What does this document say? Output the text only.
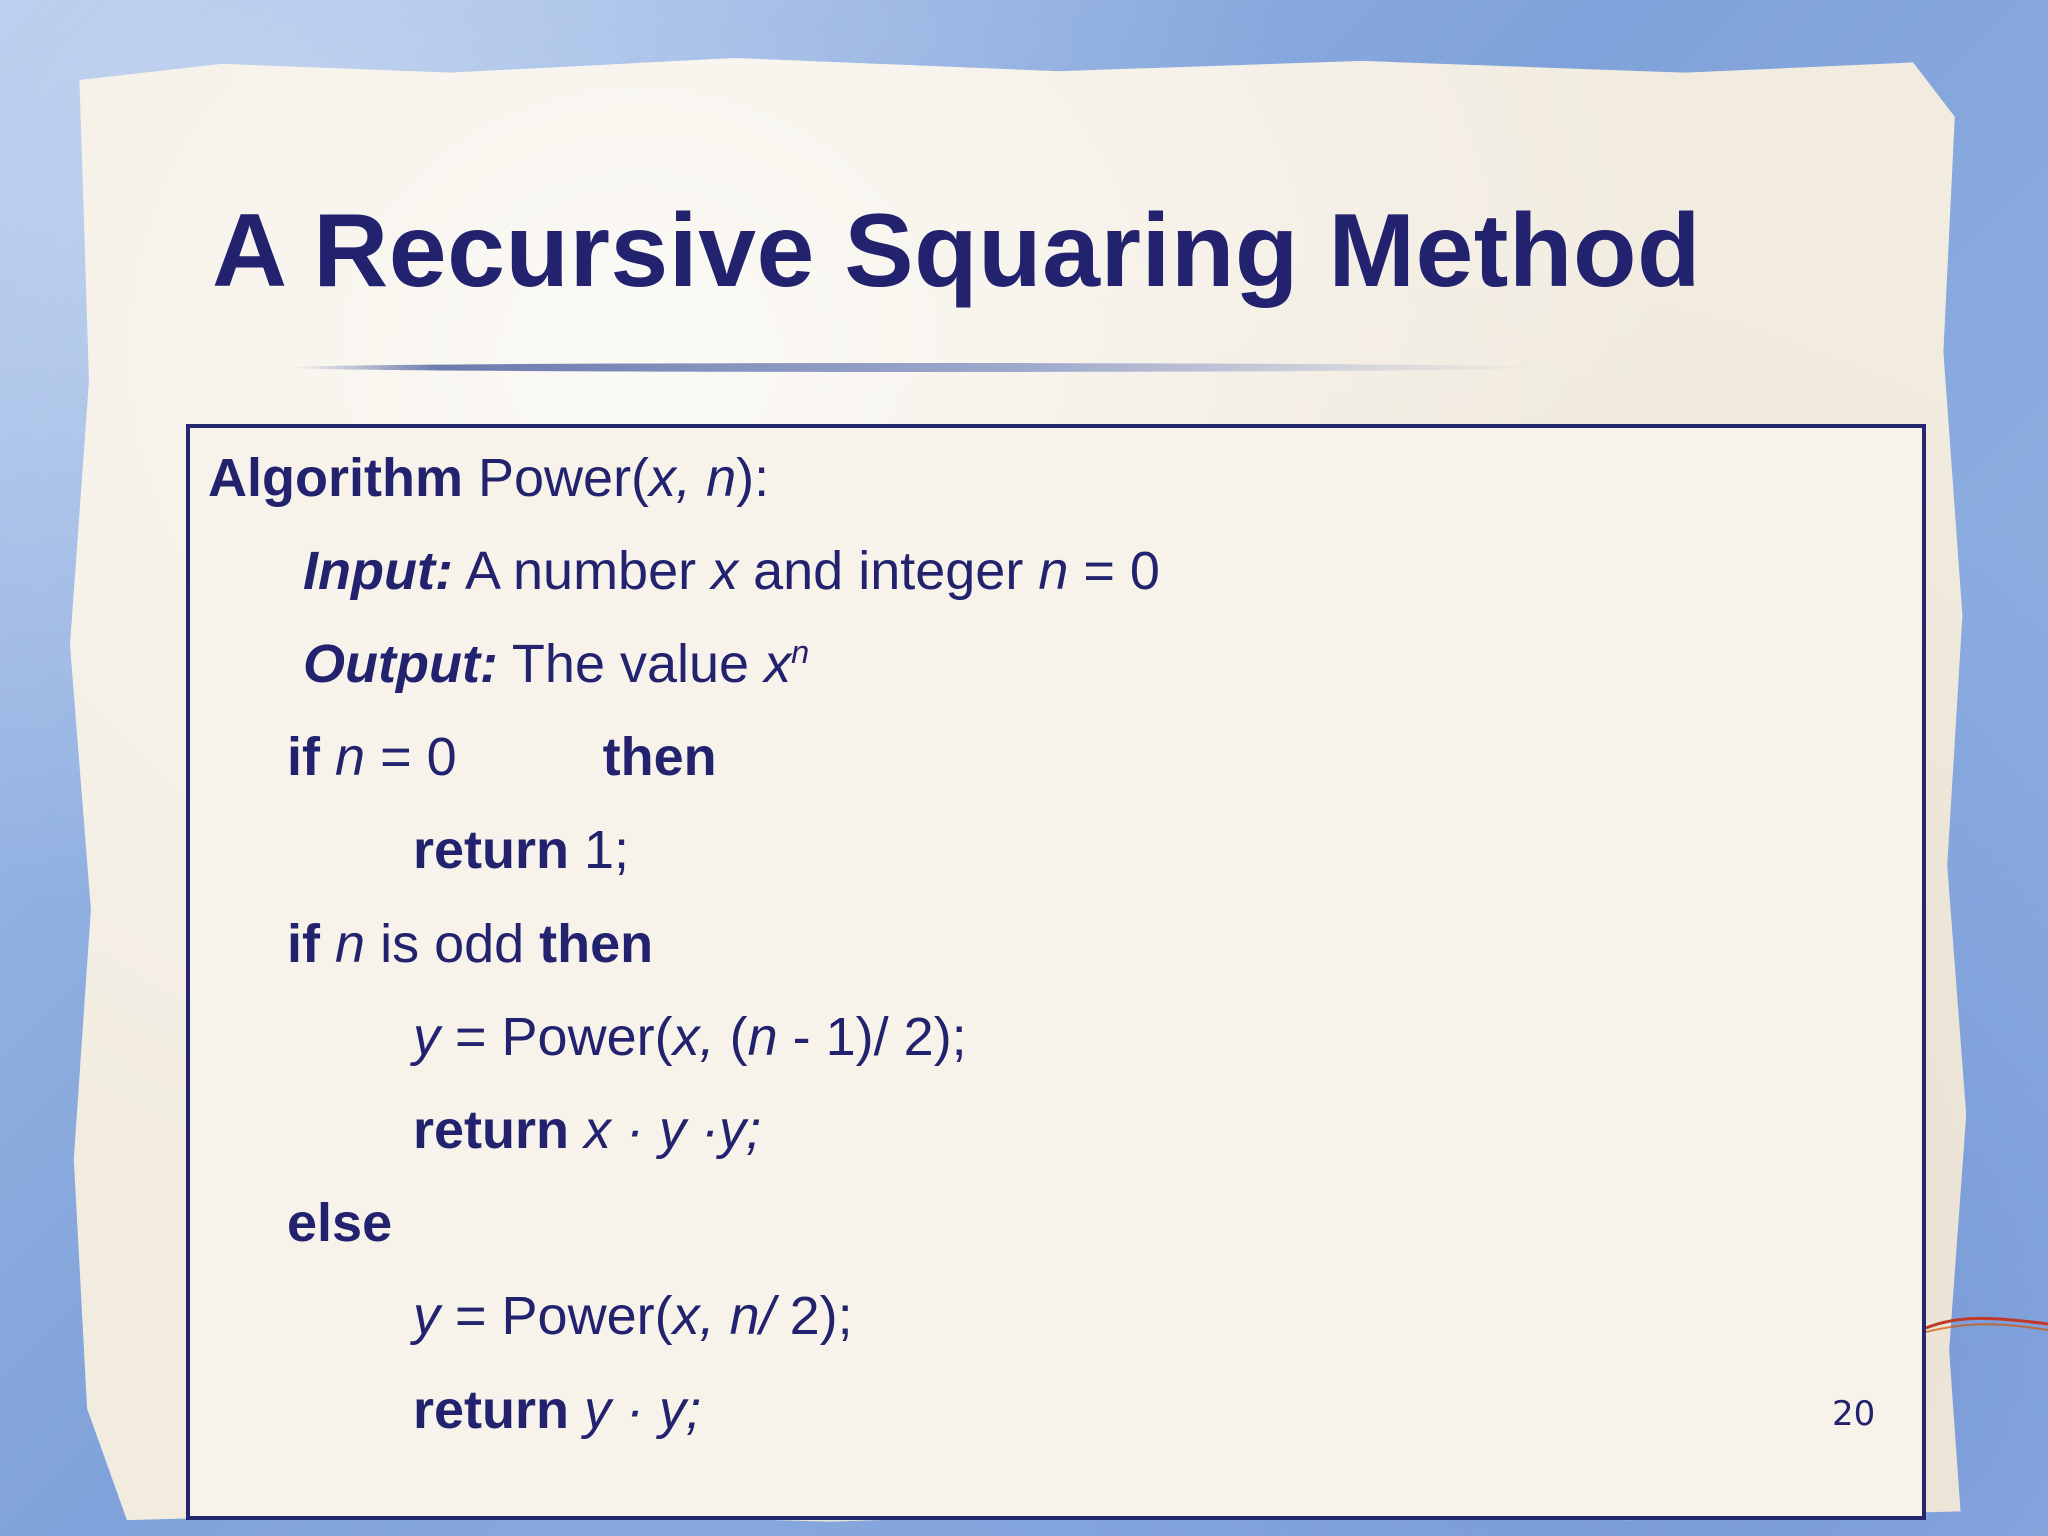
A Recursive Squaring Method
Algorithm Power(x, n):
Input: A number x and integer n = 0
Output: The value $x^n$
if n = 0	then
return 1;
if n is odd then
y = Power(x, (n - 1)/ 2);
return x · y ·y;
else
y = Power(x, n/ 2);
return y · y;	20
